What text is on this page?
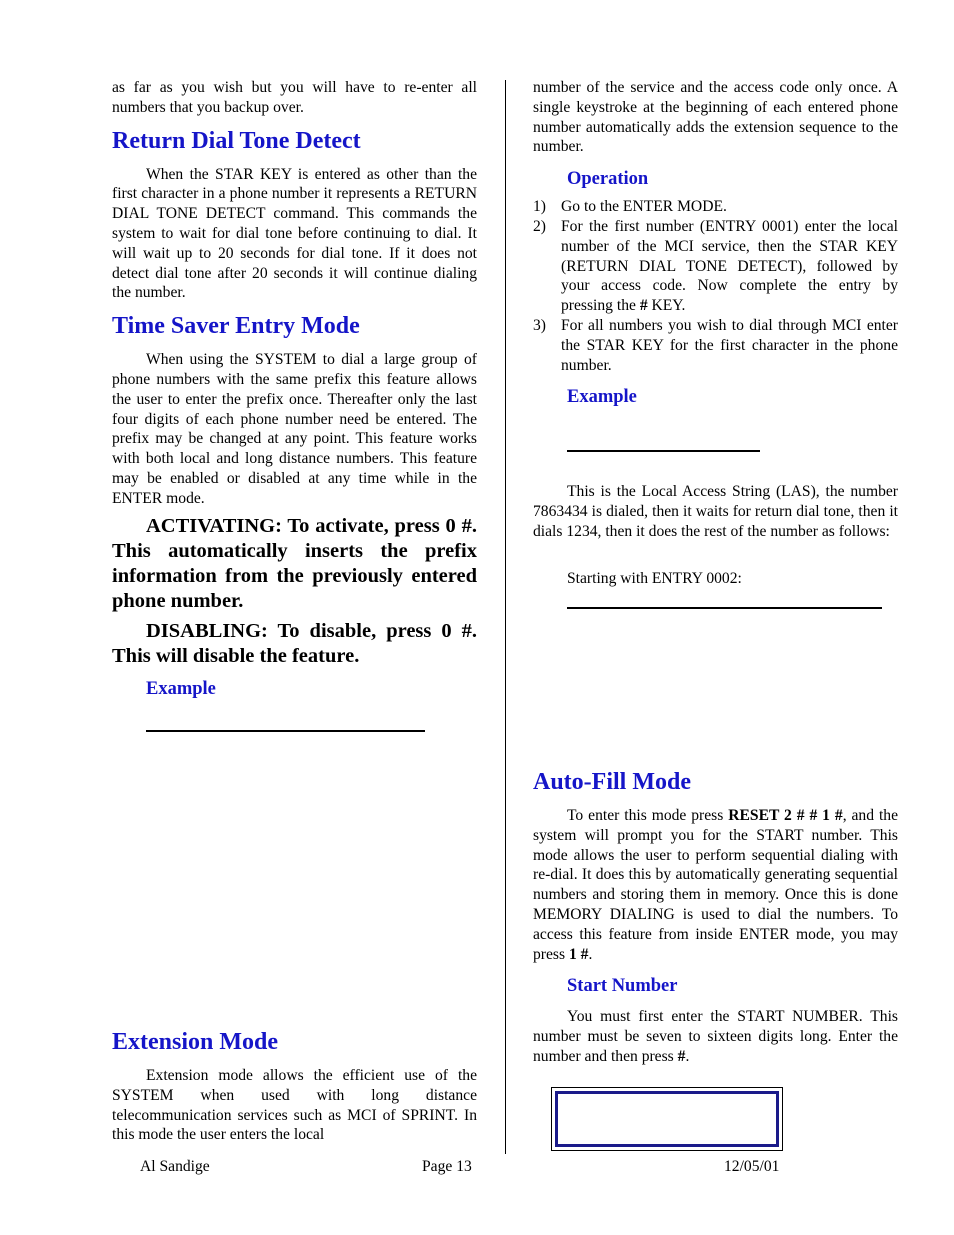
as far as you wish but you will have to re-enter all numbers that you backup over.

Return Dial Tone Detect

When the STAR KEY is entered as other than the first character in a phone number it represents a RETURN DIAL TONE DETECT command. This commands the system to wait for dial tone before continuing to dial. It will wait up to 20 seconds for dial tone. If it does not detect dial tone after 20 seconds it will continue dialing the number.

Time Saver Entry Mode

When using the SYSTEM to dial a large group of phone numbers with the same prefix this feature allows the user to enter the prefix once. Thereafter only the last four digits of each phone number need be entered. The prefix may be changed at any point. This feature works with both local and long distance numbers. This feature may be enabled or disabled at any time while in the ENTER mode.

ACTIVATING: To activate, press 0 #. This automatically inserts the prefix information from the previously entered phone number.

DISABLING: To disable, press 0 #. This will disable the feature.

Example
Extension Mode

Extension mode allows the efficient use of the SYSTEM when used with long distance telecommunication services such as MCI of SPRINT. In this mode the user enters the local

number of the service and the access code only once. A single keystroke at the beginning of each entered phone number automatically adds the extension sequence to the number.

Operation
1) Go to the ENTER MODE.
2) For the first number (ENTRY 0001) enter the local number of the MCI service, then the STAR KEY (RETURN DIAL TONE DETECT), followed by your access code. Now complete the entry by pressing the # KEY.
3) For all numbers you wish to dial through MCI enter the STAR KEY for the first character in the phone number.
Example

This is the Local Access String (LAS), the number 7863434 is dialed, then it waits for return dial tone, then it dials 1234, then it does the rest of the number as follows:

Starting with ENTRY 0002:

Auto-Fill Mode

To enter this mode press RESET 2 # # 1 #, and the system will prompt you for the START number. This mode allows the user to perform sequential dialing with re-dial. It does this by automatically generating sequential numbers and storing them in memory. Once this is done MEMORY DIALING is used to dial the numbers. To access this feature from inside ENTER mode, you may press 1 #.

Start Number

You must first enter the START NUMBER. This number must be seven to sixteen digits long. Enter the number and then press #.

Al Sandige	Page 13	12/05/01
